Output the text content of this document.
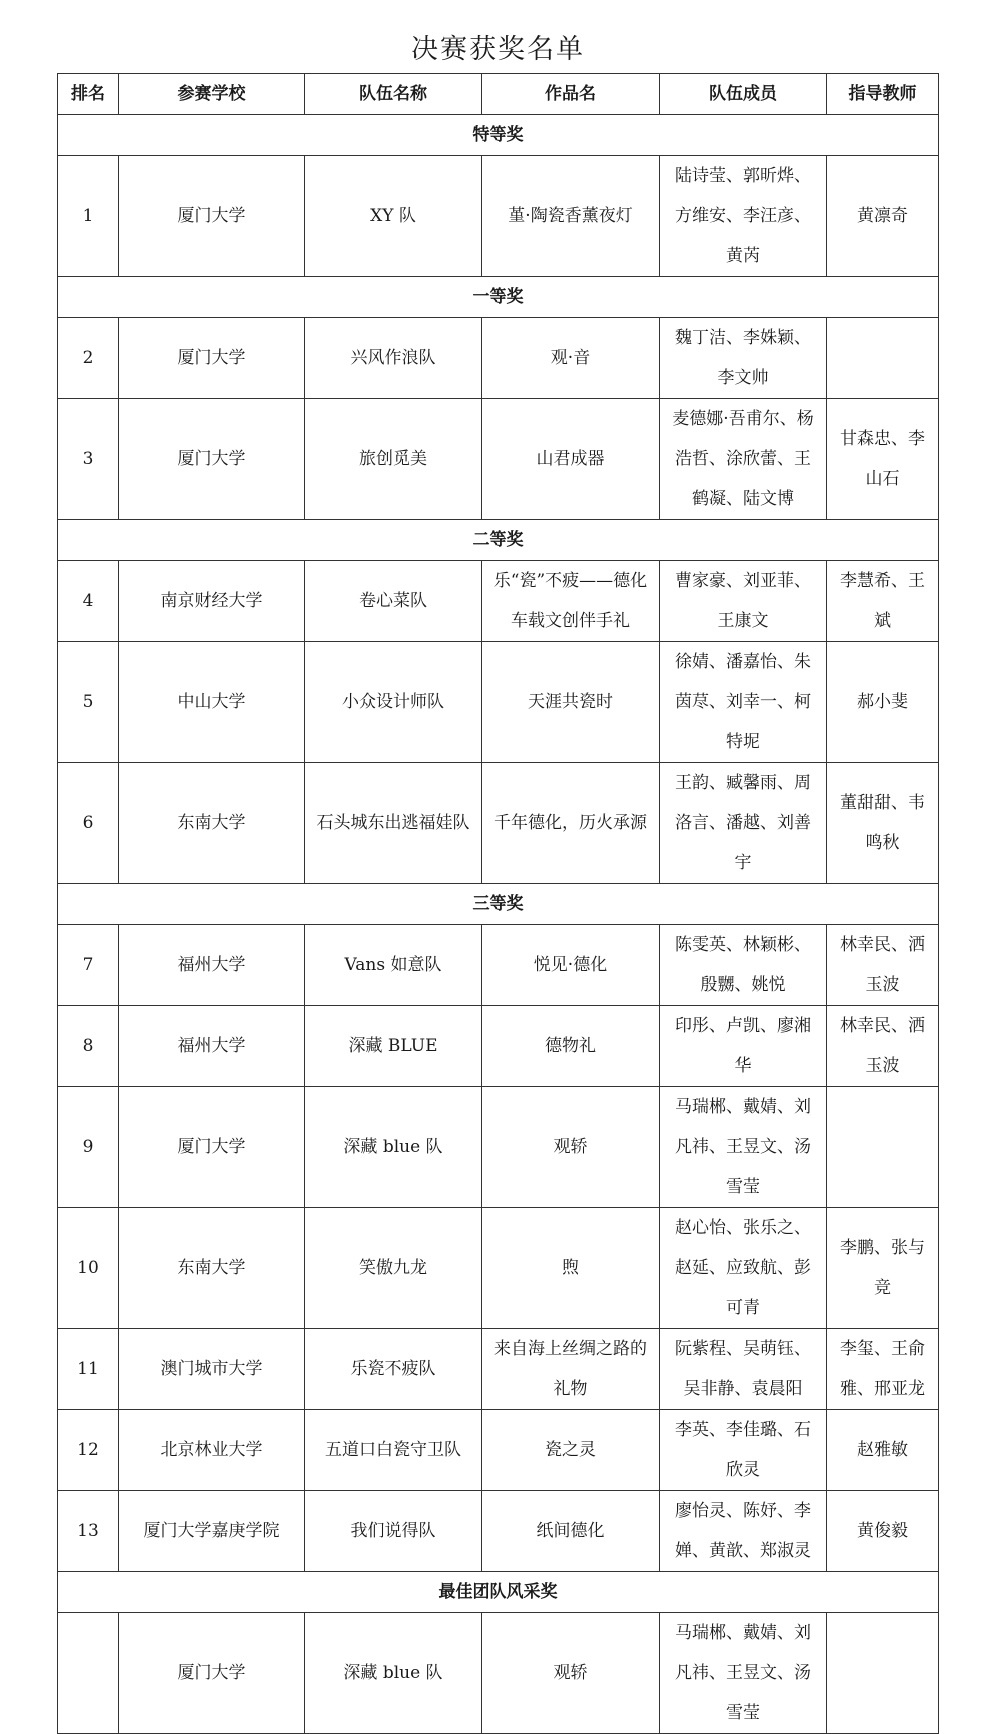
决赛获奖名单
排名	参赛学校	队伍名称	作品名	队伍成员	指导教师
特等奖					
1	厦门大学	XY 队	堇·陶瓷香薰夜灯	陆诗莹、郭昕烨、方维安、李汪彦、黄芮	黄凛奇
一等奖					
2	厦门大学	兴风作浪队	观·音	魏丁洁、李姝颖、李文帅	
3	厦门大学	旅创觅美	山君成器	麦德娜·吾甫尔、杨浩哲、涂欣蕾、王鹤凝、陆文博	甘森忠、李山石
二等奖					
4	南京财经大学	卷心菜队	乐“瓷”不疲——德化车载文创伴手礼	曹家豪、刘亚菲、王康文	李慧希、王斌
5	中山大学	小众设计师队	天涯共瓷时	徐婧、潘嘉怡、朱茵荩、刘幸一、柯特坭	郝小斐
6	东南大学	石头城东出逃福娃队	千年德化，历火承源	王韵、臧馨雨、周洛言、潘越、刘善宇	董甜甜、韦鸣秋
三等奖					
7	福州大学	Vans 如意队	悦见·德化	陈雯英、林颖彬、殷嬲、姚悦	林幸民、洒玉波
8	福州大学	深藏 BLUE	德物礼	印彤、卢凯、廖湘华	林幸民、洒玉波
9	厦门大学	深藏 blue 队	观轿	马瑞郴、戴婧、刘凡祎、王昱文、汤雪莹	
10	东南大学	笑傲九龙	煦	赵心怡、张乐之、赵延、应致航、彭可青	李鹏、张与竞
11	澳门城市大学	乐瓷不疲队	来自海上丝绸之路的礼物	阮紫程、吴萌钰、吴非静、袁晨阳	李玺、王俞雅、邢亚龙
12	北京林业大学	五道口白瓷守卫队	瓷之灵	李英、李佳璐、石欣灵	赵雅敏
13	厦门大学嘉庚学院	我们说得队	纸间德化	廖怡灵、陈妤、李婵、黄歆、郑淑灵	黄俊毅
最佳团队风采奖					
	厦门大学	深藏 blue 队	观轿	马瑞郴、戴婧、刘凡祎、王昱文、汤雪莹	
